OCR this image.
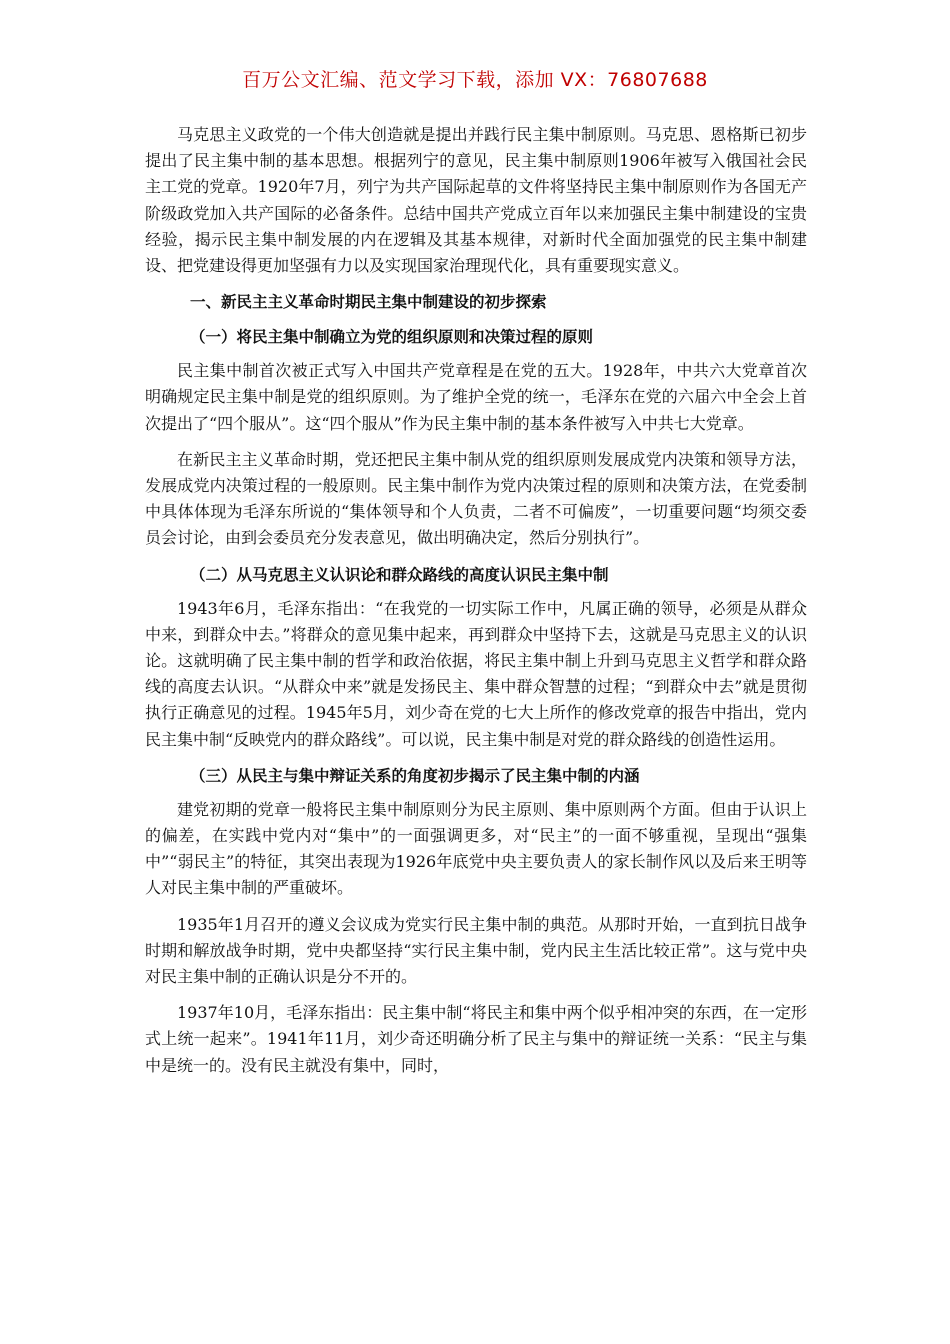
百万公文汇编、范文学习下载，添加 VX：76807688

马克思主义政党的一个伟大创造就是提出并践行民主集中制原则。马克思、恩格斯已初步提出了民主集中制的基本思想。根据列宁的意见，民主集中制原则1906年被写入俄国社会民主工党的党章。1920年7月，列宁为共产国际起草的文件将坚持民主集中制原则作为各国无产阶级政党加入共产国际的必备条件。总结中国共产党成立百年以来加强民主集中制建设的宝贵经验，揭示民主集中制发展的内在逻辑及其基本规律，对新时代全面加强党的民主集中制建设、把党建设得更加坚强有力以及实现国家治理现代化，具有重要现实意义。

一、新民主主义革命时期民主集中制建设的初步探索

（一）将民主集中制确立为党的组织原则和决策过程的原则

民主集中制首次被正式写入中国共产党章程是在党的五大。1928年，中共六大党章首次明确规定民主集中制是党的组织原则。为了维护全党的统一，毛泽东在党的六届六中全会上首次提出了“四个服从”。这“四个服从”作为民主集中制的基本条件被写入中共七大党章。

在新民主主义革命时期，党还把民主集中制从党的组织原则发展成党内决策和领导方法，发展成党内决策过程的一般原则。民主集中制作为党内决策过程的原则和决策方法，在党委制中具体体现为毛泽东所说的“集体领导和个人负责，二者不可偏废”，一切重要问题“均须交委员会讨论，由到会委员充分发表意见，做出明确决定，然后分别执行”。

（二）从马克思主义认识论和群众路线的高度认识民主集中制

1943年6月，毛泽东指出：“在我党的一切实际工作中，凡属正确的领导，必须是从群众中来，到群众中去。”将群众的意见集中起来，再到群众中坚持下去，这就是马克思主义的认识论。这就明确了民主集中制的哲学和政治依据，将民主集中制上升到马克思主义哲学和群众路线的高度去认识。“从群众中来”就是发扬民主、集中群众智慧的过程；“到群众中去”就是贯彻执行正确意见的过程。1945年5月，刘少奇在党的七大上所作的修改党章的报告中指出，党内民主集中制“反映党内的群众路线”。可以说，民主集中制是对党的群众路线的创造性运用。

（三）从民主与集中辩证关系的角度初步揭示了民主集中制的内涵

建党初期的党章一般将民主集中制原则分为民主原则、集中原则两个方面。但由于认识上的偏差，在实践中党内对“集中”的一面强调更多，对“民主”的一面不够重视，呈现出“强集中”“弱民主”的特征，其突出表现为1926年底党中央主要负责人的家长制作风以及后来王明等人对民主集中制的严重破坏。

1935年1月召开的遵义会议成为党实行民主集中制的典范。从那时开始，一直到抗日战争时期和解放战争时期，党中央都坚持“实行民主集中制，党内民主生活比较正常”。这与党中央对民主集中制的正确认识是分不开的。

1937年10月，毛泽东指出：民主集中制“将民主和集中两个似乎相冲突的东西，在一定形式上统一起来”。1941年11月，刘少奇还明确分析了民主与集中的辩证统一关系：“民主与集中是统一的。没有民主就没有集中，同时，
